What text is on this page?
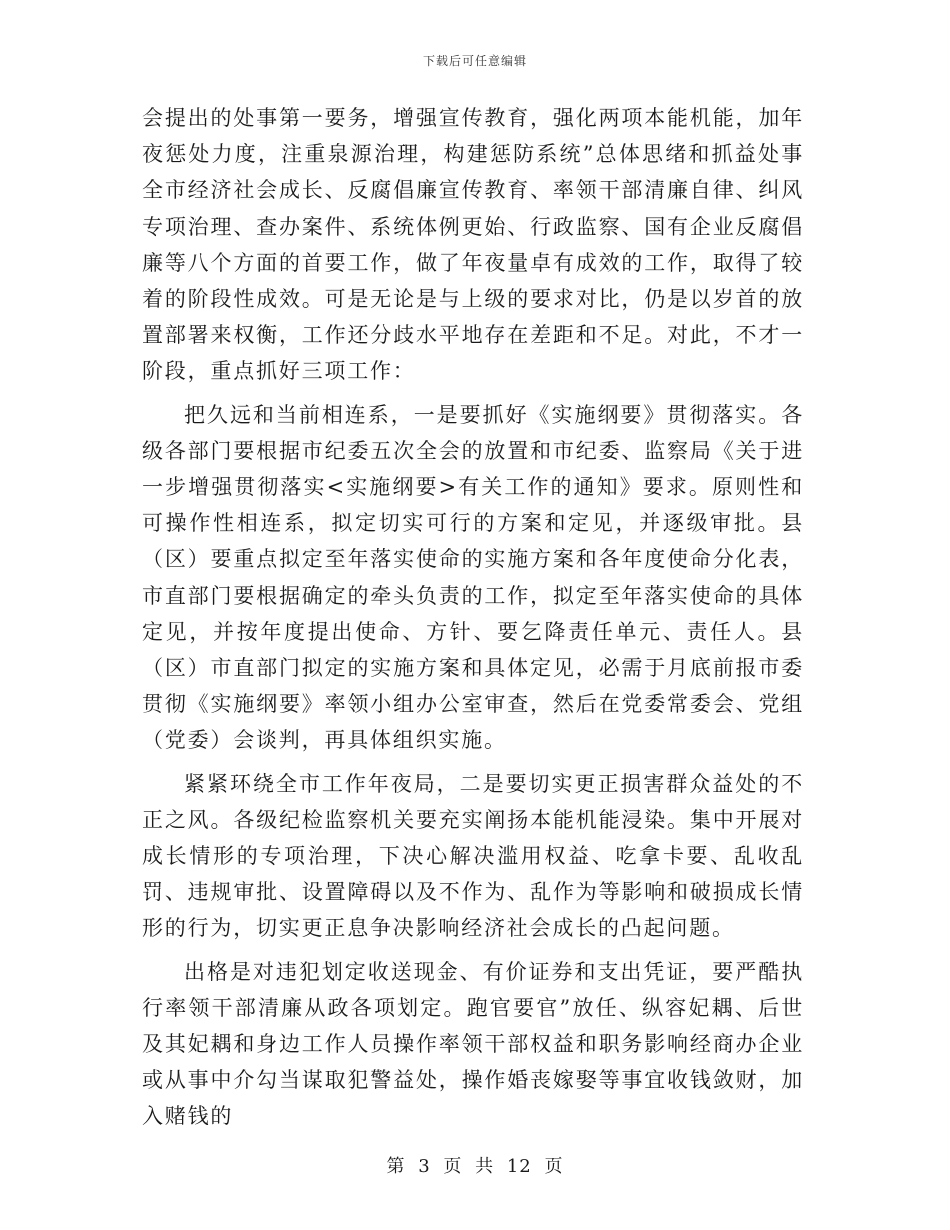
下载后可任意编辑

会提出的处事第一要务，增强宣传教育，强化两项本能机能，加年夜惩处力度，注重泉源治理，构建惩防系统”总体思绪和抓益处事全市经济社会成长、反腐倡廉宣传教育、率领干部清廉自律、纠风专项治理、查办案件、系统体例更始、行政监察、国有企业反腐倡廉等八个方面的首要工作，做了年夜量卓有成效的工作，取得了较着的阶段性成效。可是无论是与上级的要求对比，仍是以岁首的放置部署来权衡，工作还分歧水平地存在差距和不足。对此，不才一阶段，重点抓好三项工作：

把久远和当前相连系，一是要抓好《实施纲要》贯彻落实。各级各部门要根据市纪委五次全会的放置和市纪委、监察局《关于进一步增强贯彻落实<实施纲要>有关工作的通知》要求。原则性和可操作性相连系，拟定切实可行的方案和定见，并逐级审批。县（区）要重点拟定至年落实使命的实施方案和各年度使命分化表，市直部门要根据确定的牵头负责的工作，拟定至年落实使命的具体定见，并按年度提出使命、方针、要乞降责任单元、责任人。县（区）市直部门拟定的实施方案和具体定见，必需于月底前报市委贯彻《实施纲要》率领小组办公室审查，然后在党委常委会、党组（党委）会谈判，再具体组织实施。

紧紧环绕全市工作年夜局，二是要切实更正损害群众益处的不正之风。各级纪检监察机关要充实阐扬本能机能浸染。集中开展对成长情形的专项治理，下决心解决滥用权益、吃拿卡要、乱收乱罚、违规审批、设置障碍以及不作为、乱作为等影响和破损成长情形的行为，切实更正息争决影响经济社会成长的凸起问题。

出格是对违犯划定收送现金、有价证券和支出凭证，要严酷执行率领干部清廉从政各项划定。跑官要官”放任、纵容妃耦、后世及其妃耦和身边工作人员操作率领干部权益和职务影响经商办企业或从事中介勾当谋取犯警益处，操作婚丧嫁娶等事宜收钱敛财，加入赌钱的

第 3 页 共 12 页
